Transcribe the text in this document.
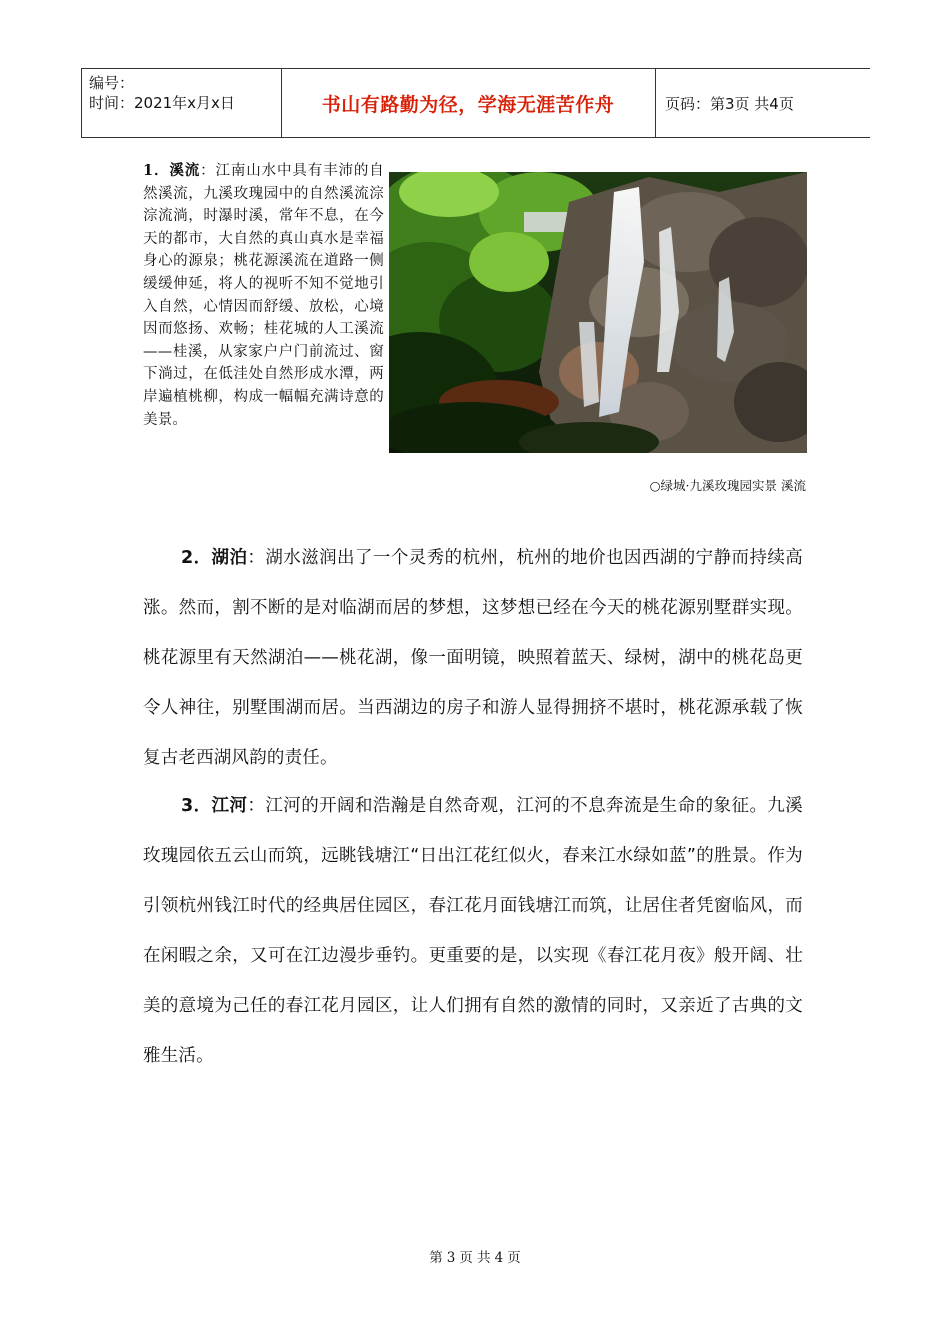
编号：
时间：2021年x月x日	书山有路勤为径，学海无涯苦作舟	页码：第3页 共4页
1．溪流：江南山水中具有丰沛的自然溪流，九溪玫瑰园中的自然溪流淙淙流淌，时瀑时溪，常年不息，在今天的都市，大自然的真山真水是幸福身心的源泉；桃花源溪流在道路一侧缓缓伸延，将人的视听不知不觉地引入自然，心情因而舒缓、放松，心境因而悠扬、欢畅；桂花城的人工溪流——桂溪，从家家户户门前流过、窗下淌过，在低洼处自然形成水潭，两岸遍植桃柳，构成一幅幅充满诗意的美景。
○绿城·九溪玫瑰园实景 溪流
2．湖泊：湖水滋润出了一个灵秀的杭州，杭州的地价也因西湖的宁静而持续高涨。然而，割不断的是对临湖而居的梦想，这梦想已经在今天的桃花源别墅群实现。桃花源里有天然湖泊——桃花湖，像一面明镜，映照着蓝天、绿树，湖中的桃花岛更令人神往，别墅围湖而居。当西湖边的房子和游人显得拥挤不堪时，桃花源承载了恢复古老西湖风韵的责任。
3．江河：江河的开阔和浩瀚是自然奇观，江河的不息奔流是生命的象征。九溪玫瑰园依五云山而筑，远眺钱塘江“日出江花红似火，春来江水绿如蓝”的胜景。作为引领杭州钱江时代的经典居住园区，春江花月面钱塘江而筑，让居住者凭窗临风，而在闲暇之余，又可在江边漫步垂钓。更重要的是，以实现《春江花月夜》般开阔、壮美的意境为己任的春江花月园区，让人们拥有自然的激情的同时，又亲近了古典的文雅生活。
第 3 页 共 4 页
